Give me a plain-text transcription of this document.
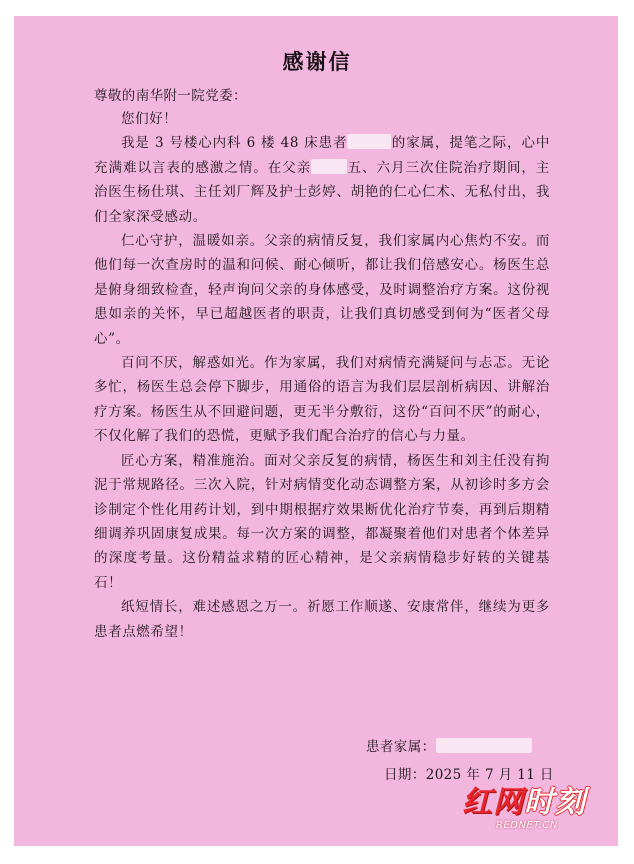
感谢信
尊敬的南华附一院党委：
您们好！

我是 3 号楼心内科 6 楼 48 床患者	的家属，提笔之际，心中充满难以言表的感激之情。在父亲	五、六月三次住院治疗期间，主治医生杨仕琪、主任刘厂辉及护士彭婷、胡艳的仁心仁术、无私付出，我们全家深受感动。

仁心守护，温暖如亲。父亲的病情反复，我们家属内心焦灼不安。而他们每一次查房时的温和问候、耐心倾听，都让我们倍感安心。杨医生总是俯身细致检查，轻声询问父亲的身体感受，及时调整治疗方案。这份视患如亲的关怀，早已超越医者的职责，让我们真切感受到何为“医者父母心”。

百问不厌，解惑如光。作为家属，我们对病情充满疑问与忐忑。无论多忙，杨医生总会停下脚步，用通俗的语言为我们层层剖析病因、讲解治疗方案。杨医生从不回避问题，更无半分敷衍，这份“百问不厌”的耐心，不仅化解了我们的恐慌，更赋予我们配合治疗的信心与力量。

匠心方案，精准施治。面对父亲反复的病情，杨医生和刘主任没有拘泥于常规路径。三次入院，针对病情变化动态调整方案，从初诊时多方会诊制定个性化用药计划，到中期根据疗效果断优化治疗节奏，再到后期精细调养巩固康复成果。每一次方案的调整，都凝聚着他们对患者个体差异的深度考量。这份精益求精的匠心精神，是父亲病情稳步好转的关键基石！

纸短情长，难述感恩之万一。祈愿工作顺遂、安康常伴，继续为更多患者点燃希望！

患者家属：
日期：2025 年 7 月 11 日
红网时刻
REDNET.CN
